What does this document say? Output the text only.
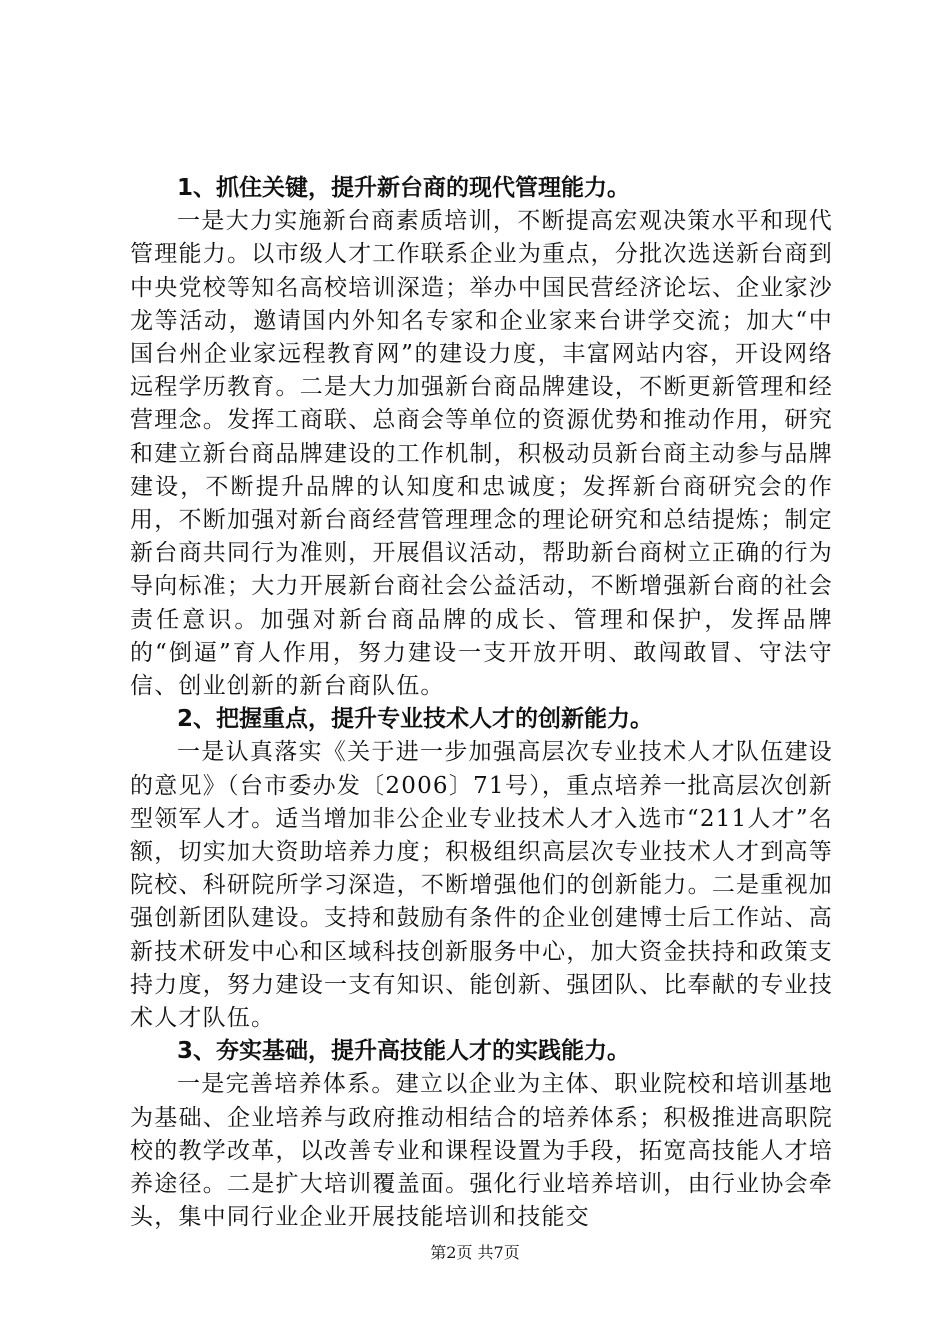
1、抓住关键，提升新台商的现代管理能力。

一是大力实施新台商素质培训，不断提高宏观决策水平和现代管理能力。以市级人才工作联系企业为重点，分批次选送新台商到中央党校等知名高校培训深造；举办中国民营经济论坛、企业家沙龙等活动，邀请国内外知名专家和企业家来台讲学交流；加大“中国台州企业家远程教育网”的建设力度，丰富网站内容，开设网络远程学历教育。二是大力加强新台商品牌建设，不断更新管理和经营理念。发挥工商联、总商会等单位的资源优势和推动作用，研究和建立新台商品牌建设的工作机制，积极动员新台商主动参与品牌建设，不断提升品牌的认知度和忠诚度；发挥新台商研究会的作用，不断加强对新台商经营管理理念的理论研究和总结提炼；制定新台商共同行为准则，开展倡议活动，帮助新台商树立正确的行为导向标准；大力开展新台商社会公益活动，不断增强新台商的社会责任意识。加强对新台商品牌的成长、管理和保护，发挥品牌的“倒逼”育人作用，努力建设一支开放开明、敢闯敢冒、守法守信、创业创新的新台商队伍。

2、把握重点，提升专业技术人才的创新能力。

一是认真落实《关于进一步加强高层次专业技术人才队伍建设的意见》（台市委办发〔2006〕71号），重点培养一批高层次创新型领军人才。适当增加非公企业专业技术人才入选市“211人才”名额，切实加大资助培养力度；积极组织高层次专业技术人才到高等院校、科研院所学习深造，不断增强他们的创新能力。二是重视加强创新团队建设。支持和鼓励有条件的企业创建博士后工作站、高新技术研发中心和区域科技创新服务中心，加大资金扶持和政策支持力度，努力建设一支有知识、能创新、强团队、比奉献的专业技术人才队伍。

3、夯实基础，提升高技能人才的实践能力。

一是完善培养体系。建立以企业为主体、职业院校和培训基地为基础、企业培养与政府推动相结合的培养体系；积极推进高职院校的教学改革，以改善专业和课程设置为手段，拓宽高技能人才培养途径。二是扩大培训覆盖面。强化行业培养培训，由行业协会牵头，集中同行业企业开展技能培训和技能交

第2页 共7页
